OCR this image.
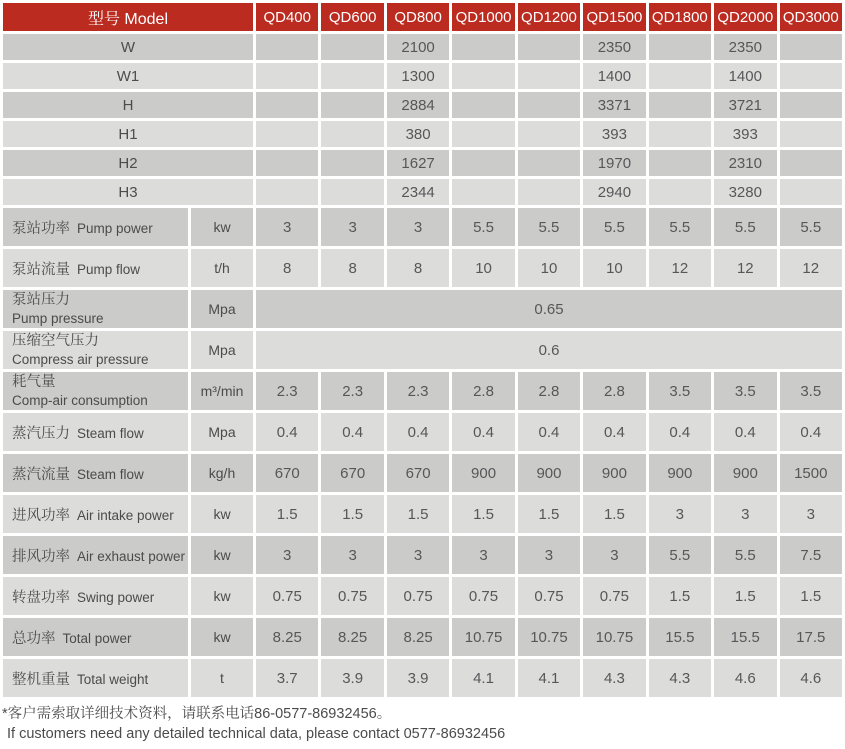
型号 Model		QD400	QD600	QD800	QD1000	QD1200	QD1500	QD1800	QD2000	QD3000
W				2100			2350		2350	
W1				1300			1400		1400	
H				2884			3371		3721	
H1				380			393		393	
H2				1627			1970		2310	
H3				2344			2940		3280	
泵站功率 Pump power	kw	3	3	3	5.5	5.5	5.5	5.5	5.5	5.5
泵站流量 Pump flow	t/h	8	8	8	10	10	10	12	12	12

泵站压力
Pump pressure	Mpa	0.65								

压缩空气压力
Compress air pressure	Mpa	0.6								

耗气量
Comp-air consumption	m³/min	2.3	2.3	2.3	2.8	2.8	2.8	3.5	3.5	3.5
蒸汽压力 Steam flow	Mpa	0.4	0.4	0.4	0.4	0.4	0.4	0.4	0.4	0.4
蒸汽流量 Steam flow	kg/h	670	670	670	900	900	900	900	900	1500
进风功率 Air intake power	kw	1.5	1.5	1.5	1.5	1.5	1.5	3	3	3
排风功率 Air exhaust power	kw	3	3	3	3	3	3	5.5	5.5	7.5
转盘功率 Swing power	kw	0.75	0.75	0.75	0.75	0.75	0.75	1.5	1.5	1.5
总功率 Total power	kw	8.25	8.25	8.25	10.75	10.75	10.75	15.5	15.5	17.5
整机重量 Total weight	t	3.7	3.9	3.9	4.1	4.1	4.3	4.3	4.6	4.6
*客户需索取详细技术资料，请联系电话86-0577-86932456。
If customers need any detailed technical data, please contact 0577-86932456
